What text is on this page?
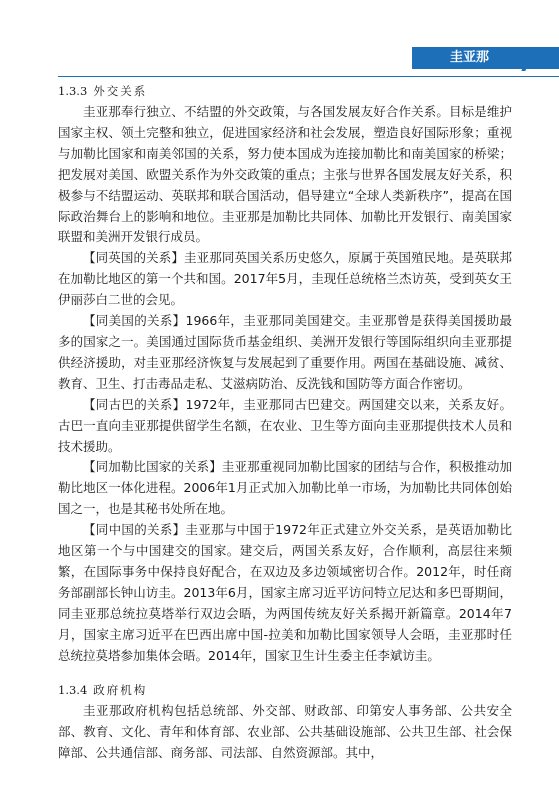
圭亚那 7
1.3.3 外交关系

圭亚那奉行独立、不结盟的外交政策，与各国发展友好合作关系。目标是维护国家主权、领土完整和独立，促进国家经济和社会发展，塑造良好国际形象；重视与加勒比国家和南美邻国的关系，努力使本国成为连接加勒比和南美国家的桥梁；把发展对美国、欧盟关系作为外交政策的重点；主张与世界各国发展友好关系，积极参与不结盟运动、英联邦和联合国活动，倡导建立“全球人类新秩序”，提高在国际政治舞台上的影响和地位。圭亚那是加勒比共同体、加勒比开发银行、南美国家联盟和美洲开发银行成员。

【同英国的关系】圭亚那同英国关系历史悠久，原属于英国殖民地。是英联邦在加勒比地区的第一个共和国。2017年5月，圭现任总统格兰杰访英，受到英女王伊丽莎白二世的会见。

【同美国的关系】1966年，圭亚那同美国建交。圭亚那曾是获得美国援助最多的国家之一。美国通过国际货币基金组织、美洲开发银行等国际组织向圭亚那提供经济援助，对圭亚那经济恢复与发展起到了重要作用。两国在基础设施、减贫、教育、卫生、打击毒品走私、艾滋病防治、反洗钱和国防等方面合作密切。

【同古巴的关系】1972年，圭亚那同古巴建交。两国建交以来，关系友好。古巴一直向圭亚那提供留学生名额，在农业、卫生等方面向圭亚那提供技术人员和技术援助。

【同加勒比国家的关系】圭亚那重视同加勒比国家的团结与合作，积极推动加勒比地区一体化进程。2006年1月正式加入加勒比单一市场，为加勒比共同体创始国之一，也是其秘书处所在地。

【同中国的关系】圭亚那与中国于1972年正式建立外交关系，是英语加勒比地区第一个与中国建交的国家。建交后，两国关系友好，合作顺利，高层往来频繁，在国际事务中保持良好配合，在双边及多边领域密切合作。2012年，时任商务部副部长钟山访圭。2013年6月，国家主席习近平访问特立尼达和多巴哥期间，同圭亚那总统拉莫塔举行双边会晤，为两国传统友好关系揭开新篇章。2014年7月，国家主席习近平在巴西出席中国-拉美和加勒比国家领导人会晤，圭亚那时任总统拉莫塔参加集体会晤。2014年，国家卫生计生委主任李斌访圭。

1.3.4 政府机构

圭亚那政府机构包括总统部、外交部、财政部、印第安人事务部、公共安全部、教育、文化、青年和体育部、农业部、公共基础设施部、公共卫生部、社会保障部、公共通信部、商务部、司法部、自然资源部。其中，
